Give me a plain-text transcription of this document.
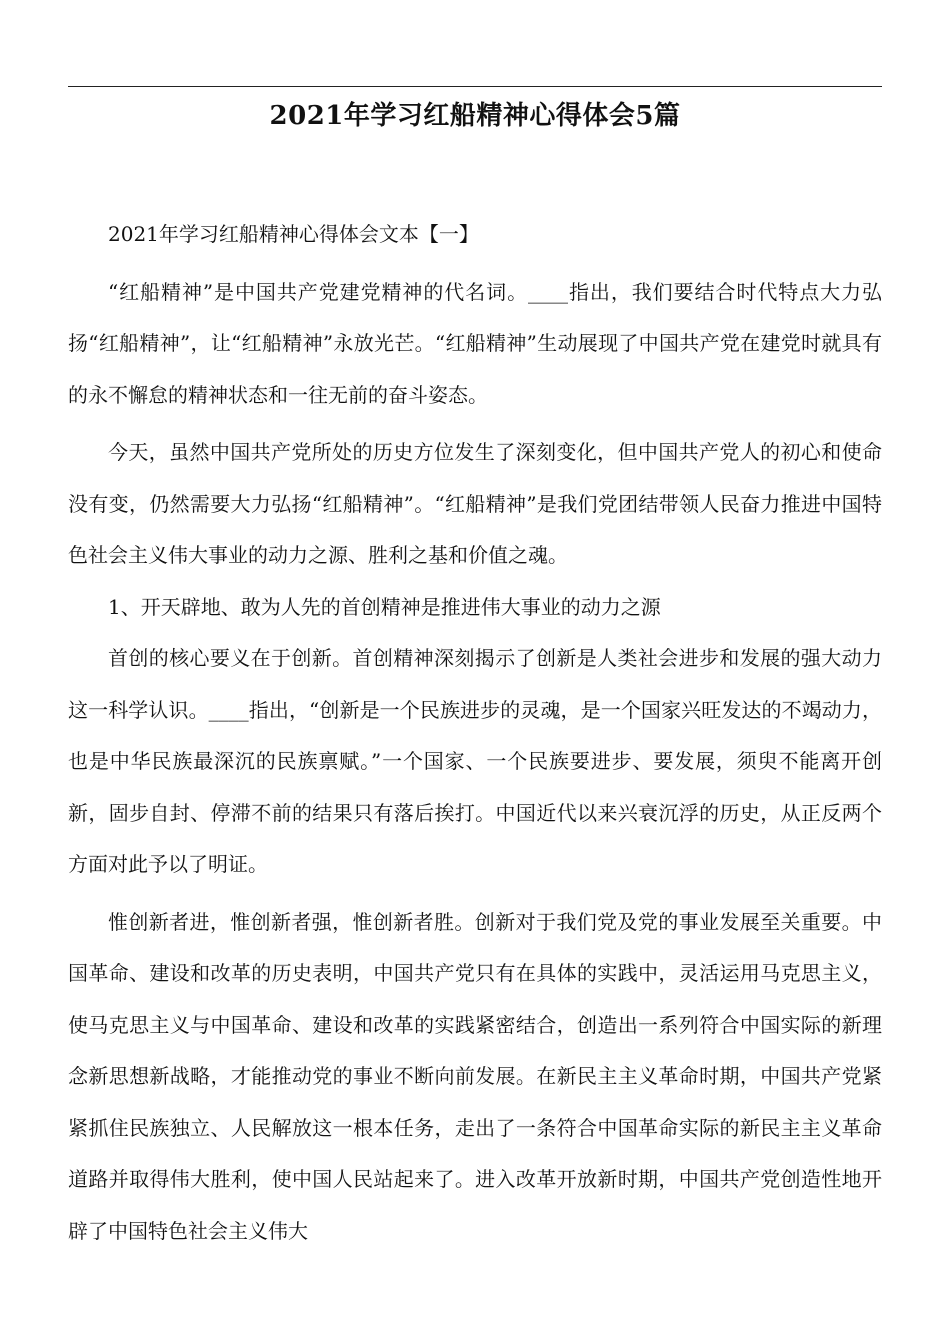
2021年学习红船精神心得体会5篇

2021年学习红船精神心得体会文本【一】

“红船精神”是中国共产党建党精神的代名词。____指出，我们要结合时代特点大力弘扬“红船精神”，让“红船精神”永放光芒。“红船精神”生动展现了中国共产党在建党时就具有的永不懈怠的精神状态和一往无前的奋斗姿态。

今天，虽然中国共产党所处的历史方位发生了深刻变化，但中国共产党人的初心和使命没有变，仍然需要大力弘扬“红船精神”。“红船精神”是我们党团结带领人民奋力推进中国特色社会主义伟大事业的动力之源、胜利之基和价值之魂。

1、开天辟地、敢为人先的首创精神是推进伟大事业的动力之源

首创的核心要义在于创新。首创精神深刻揭示了创新是人类社会进步和发展的强大动力这一科学认识。____指出，“创新是一个民族进步的灵魂，是一个国家兴旺发达的不竭动力，也是中华民族最深沉的民族禀赋。”一个国家、一个民族要进步、要发展，须臾不能离开创新，固步自封、停滞不前的结果只有落后挨打。中国近代以来兴衰沉浮的历史，从正反两个方面对此予以了明证。

惟创新者进，惟创新者强，惟创新者胜。创新对于我们党及党的事业发展至关重要。中国革命、建设和改革的历史表明，中国共产党只有在具体的实践中，灵活运用马克思主义，使马克思主义与中国革命、建设和改革的实践紧密结合，创造出一系列符合中国实际的新理念新思想新战略，才能推动党的事业不断向前发展。在新民主主义革命时期，中国共产党紧紧抓住民族独立、人民解放这一根本任务，走出了一条符合中国革命实际的新民主主义革命道路并取得伟大胜利，使中国人民站起来了。进入改革开放新时期，中国共产党创造性地开辟了中国特色社会主义伟大
